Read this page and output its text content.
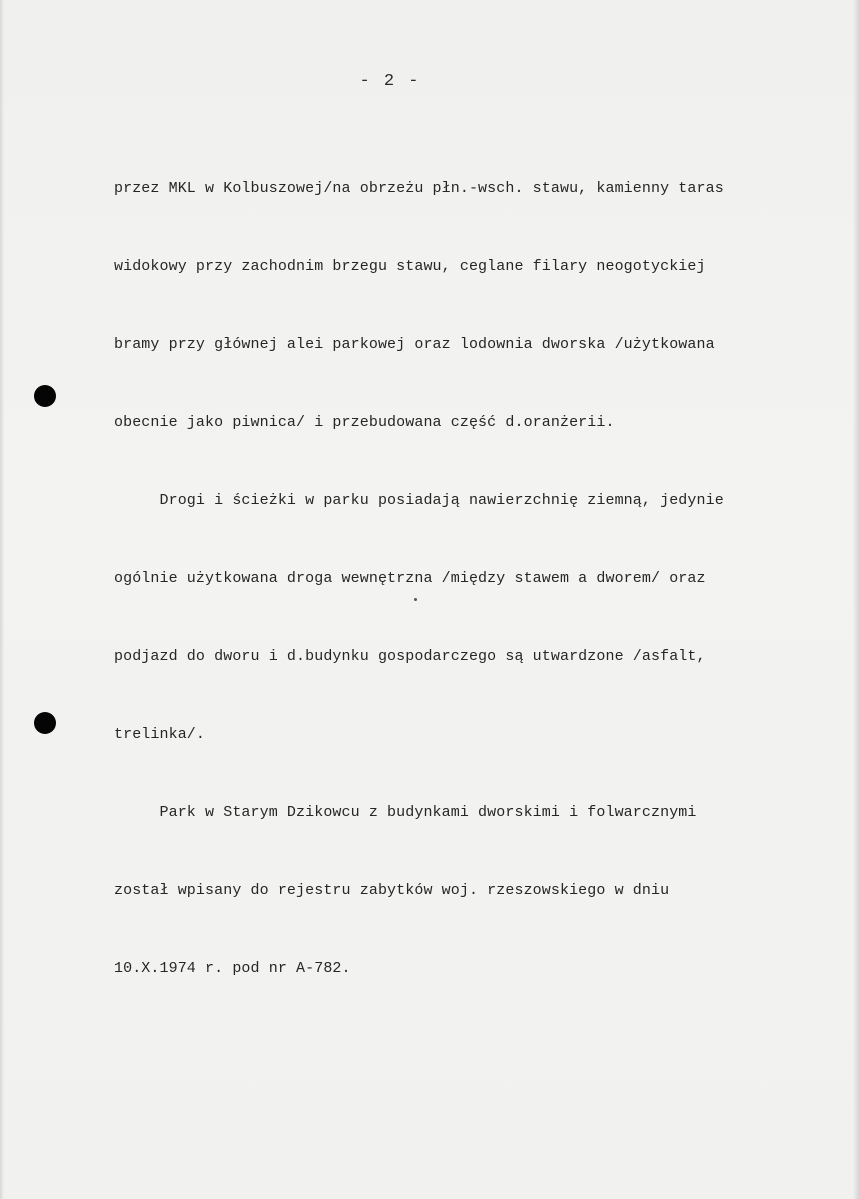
- 2 -

przez MKL w Kolbuszowej/na obrzeżu płn.-wsch. stawu, kamienny taras

widokowy przy zachodnim brzegu stawu, ceglane filary neogotyckiej

bramy przy głównej alei parkowej oraz lodownia dworska /użytkowana

obecnie jako piwnica/ i przebudowana część d.oranżerii.

Drogi i ścieżki w parku posiadają nawierzchnię ziemną, jedynie

ogólnie użytkowana droga wewnętrzna /między stawem a dworem/ oraz

podjazd do dworu i d.budynku gospodarczego są utwardzone /asfalt,

trelinka/.

Park w Starym Dzikowcu z budynkami dworskimi i folwarcznymi

został wpisany do rejestru zabytków woj. rzeszowskiego w dniu

10.X.1974 r. pod nr A-782.
